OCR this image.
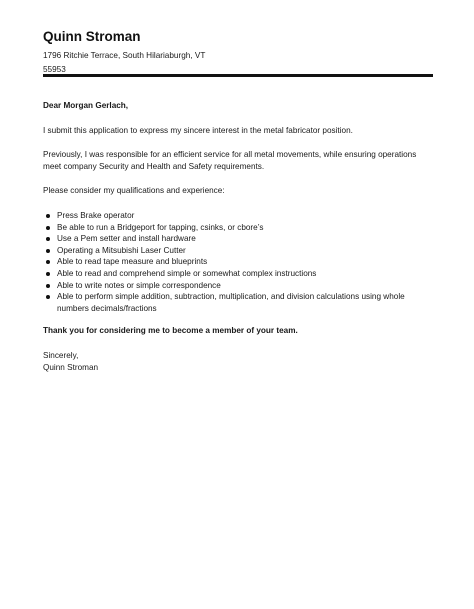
Quinn Stroman
1796 Ritchie Terrace, South Hilariaburgh, VT
55953

Dear Morgan Gerlach,

I submit this application to express my sincere interest in the metal fabricator position.

Previously, I was responsible for an efficient service for all metal movements, while ensuring operations meet company Security and Health and Safety requirements.

Please consider my qualifications and experience:

Press Brake operator
Be able to run a Bridgeport for tapping, csinks, or cbore’s
Use a Pem setter and install hardware
Operating a Mitsubishi Laser Cutter
Able to read tape measure and blueprints
Able to read and comprehend simple or somewhat complex instructions
Able to write notes or simple correspondence
Able to perform simple addition, subtraction, multiplication, and division calculations using whole numbers decimals/fractions

Thank you for considering me to become a member of your team.

Sincerely,

Quinn Stroman
